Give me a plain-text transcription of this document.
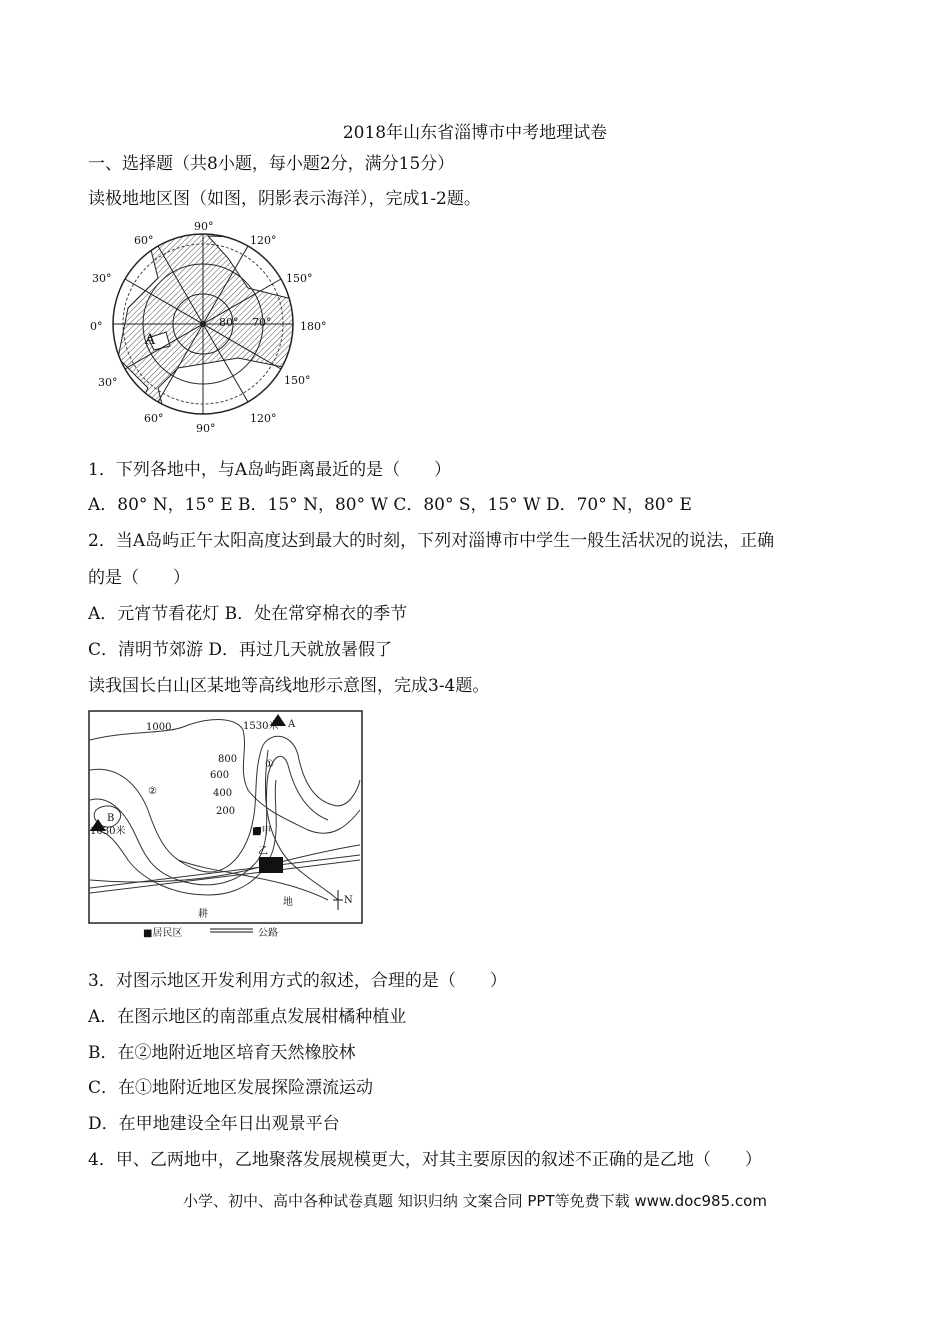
2018年山东省淄博市中考地理试卷
一、选择题（共8小题，每小题2分，满分15分）
读极地地区图（如图，阴影表示海洋），完成1-2题。
90°
120°
150°
180°
150°
120°
90°
60°
30°
0°
30°
60°
80° 70°
A
1．下列各地中，与A岛屿距离最近的是（　　）
A．80° N，15° E B．15° N，80° W C．80° S，15° W D．70° N，80° E
2．当A岛屿正午太阳高度达到最大的时刻，下列对淄博市中学生一般生活状况的说法，正确
的是（　　）
A．元宵节看花灯 B．处在常穿棉衣的季节
C．清明节郊游 D．再过几天就放暑假了
读我国长白山区某地等高线地形示意图，完成3-4题。
1000
800
600
400
200
1530米 A
B
1030米
①
②
■甲
乙
N
耕
地
■居民区	公路
3．对图示地区开发利用方式的叙述，合理的是（　　）
A．在图示地区的南部重点发展柑橘种植业
B．在②地附近地区培育天然橡胶林
C．在①地附近地区发展探险漂流运动
D．在甲地建设全年日出观景平台
4．甲、乙两地中，乙地聚落发展规模更大，对其主要原因的叙述不正确的是乙地（　　）
小学、初中、高中各种试卷真题 知识归纳 文案合同 PPT等免费下载 www.doc985.com
